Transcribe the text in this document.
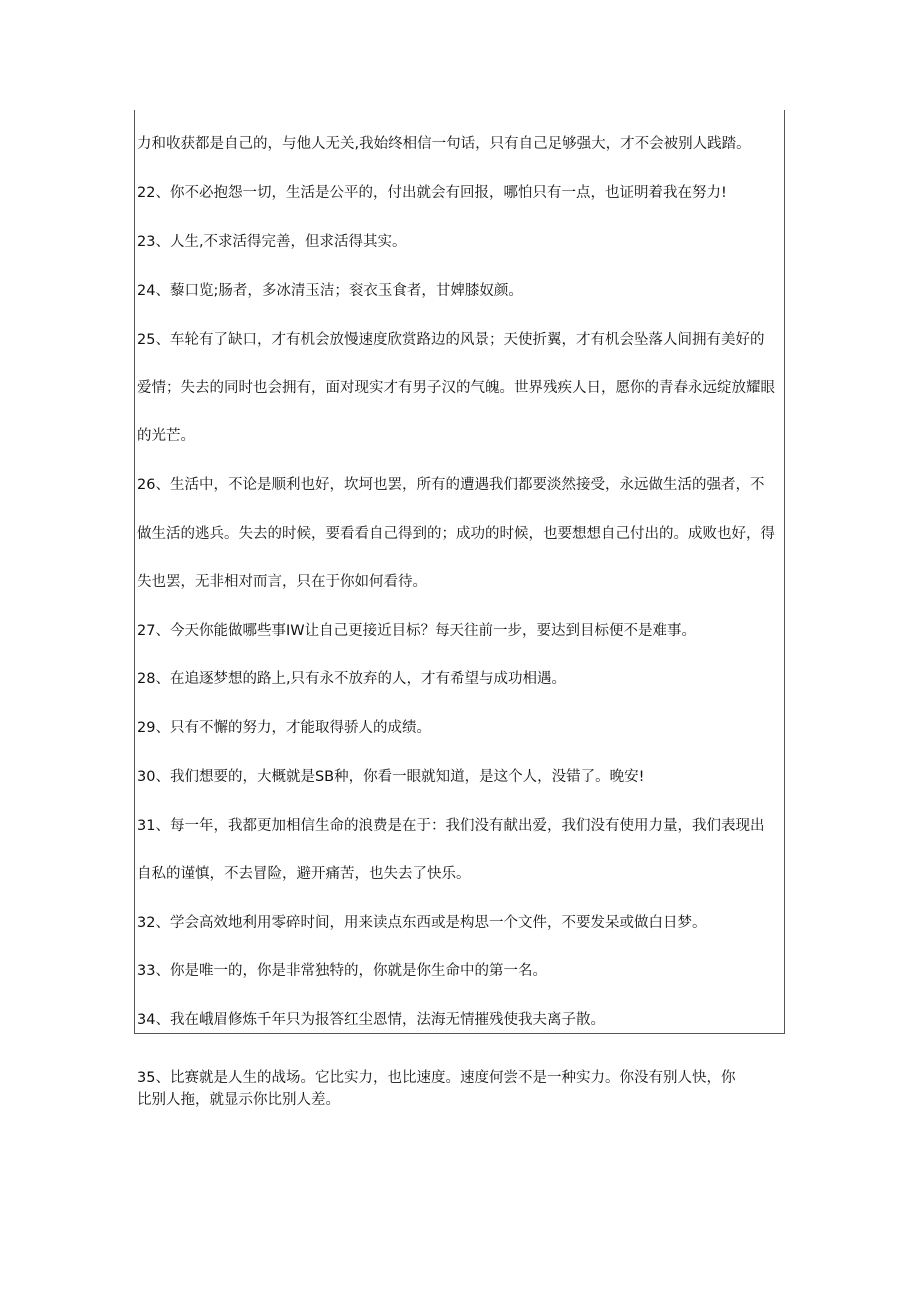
力和收获都是自己的，与他人无关,我始终相信一句话，只有自己足够强大，才不会被别人践踏。
22、你不必抱怨一切，生活是公平的，付出就会有回报，哪怕只有一点，也证明着我在努力!
23、人生,不求活得完善，但求活得其实。
24、藜口览;肠者，多冰清玉洁；衮衣玉食者，甘婢膝奴颜。
25、车轮有了缺口，才有机会放慢速度欣赏路边的风景；天使折翼，才有机会坠落人间拥有美好的
爱情；失去的同时也会拥有，面对现实才有男子汉的气魄。世界残疾人日，愿你的青春永远绽放耀眼
的光芒。
26、生活中，不论是顺利也好，坎坷也罢，所有的遭遇我们都要淡然接受，永远做生活的强者，不
做生活的逃兵。失去的时候，要看看自己得到的；成功的时候，也要想想自己付出的。成败也好，得
失也罢，无非相对而言，只在于你如何看待。
27、今天你能做哪些事IW让自己更接近目标？每天往前一步，要达到目标便不是难事。
28、在追逐梦想的路上,只有永不放弃的人，才有希望与成功相遇。
29、只有不懈的努力，才能取得骄人的成绩。
30、我们想要的，大概就是SB种，你看一眼就知道，是这个人，没错了。晚安!
31、每一年，我都更加相信生命的浪费是在于：我们没有献出爱，我们没有使用力量，我们表现出
自私的谨慎，不去冒险，避开痛苦，也失去了快乐。
32、学会高效地利用零碎时间，用来读点东西或是构思一个文件，不要发呆或做白日梦。
33、你是唯一的，你是非常独特的，你就是你生命中的第一名。
34、我在峨眉修炼千年只为报答红尘恩情，法海无情摧残使我夫离子散。
35、比赛就是人生的战场。它比实力，也比速度。速度何尝不是一种实力。你没有别人快，你
比别人拖，就显示你比别人差。
